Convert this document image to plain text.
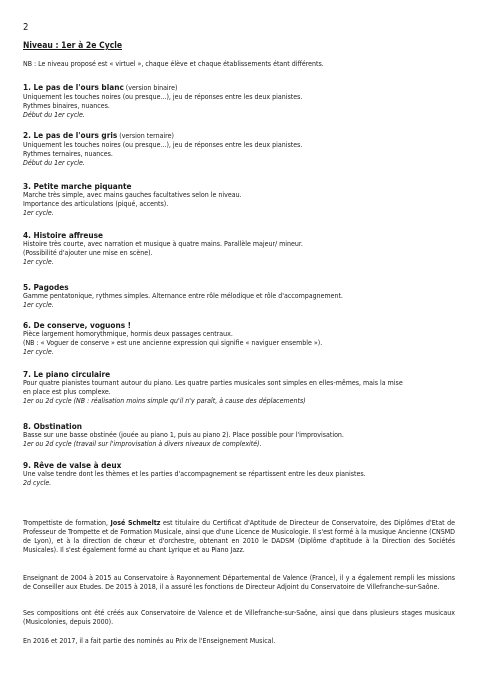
2
Niveau : 1er à 2e Cycle
NB : Le niveau proposé est « virtuel », chaque élève et chaque établissements étant différents.
1. Le pas de l'ours blanc (version binaire)
Uniquement les touches noires (ou presque...), jeu de réponses entre les deux pianistes.
Rythmes binaires, nuances.
Début du 1er cycle.
2. Le pas de l'ours gris (version ternaire)
Uniquement les touches noires (ou presque...), jeu de réponses entre les deux pianistes.
Rythmes ternaires, nuances.
Début du 1er cycle.
3. Petite marche piquante
Marche très simple, avec mains gauches facultatives selon le niveau.
Importance des articulations (piqué, accents).
1er cycle.
4. Histoire affreuse
Histoire très courte, avec narration et musique à quatre mains. Parallèle majeur/ mineur.
(Possibilité d'ajouter une mise en scène).
1er cycle.
5. Pagodes
Gamme pentatonique, rythmes simples. Alternance entre rôle mélodique et rôle d'accompagnement.
1er cycle.
6. De conserve, voguons !
Pièce largement homorythmique, hormis deux passages centraux.
(NB : « Voguer de conserve » est une ancienne expression qui signifie « naviguer ensemble »).
1er cycle.
7. Le piano circulaire
Pour quatre pianistes tournant autour du piano. Les quatre parties musicales sont simples en elles-mêmes, mais la mise
en place est plus complexe.
1er ou 2d cycle (NB : réalisation moins simple qu'il n'y paraît, à cause des déplacements)
8. Obstination
Basse sur une basse obstinée (jouée au piano 1, puis au piano 2). Place possible pour l'improvisation.
1er ou 2d cycle (travail sur l'improvisation à divers niveaux de complexité).
9. Rêve de valse à deux
Une valse tendre dont les thèmes et les parties d'accompagnement se répartissent entre les deux pianistes.
2d cycle.
Trompettiste de formation, José Schmeltz est titulaire du Certificat d'Aptitude de Directeur de Conservatoire, des Diplômes d'Etat de Professeur de Trompette et de Formation Musicale, ainsi que d'une Licence de Musicologie. Il s'est formé à la musique Ancienne (CNSMD de Lyon), et à la direction de chœur et d'orchestre, obtenant en 2010 le DADSM (Diplôme d'aptitude à la Direction des Sociétés Musicales). Il s'est également formé au chant Lyrique et au Piano Jazz.
Enseignant de 2004 à 2015 au Conservatoire à Rayonnement Départemental de Valence (France), il y a également rempli les missions de Conseiller aux Etudes. De 2015 à 2018, il a assuré les fonctions de Directeur Adjoint du Conservatoire de Villefranche-sur-Saône.
Ses compositions ont été créés aux Conservatoire de Valence et de Villefranche-sur-Saône, ainsi que dans plusieurs stages musicaux (Musicolonies, depuis 2000).
En 2016 et 2017, il a fait partie des nominés au Prix de l'Enseignement Musical.
